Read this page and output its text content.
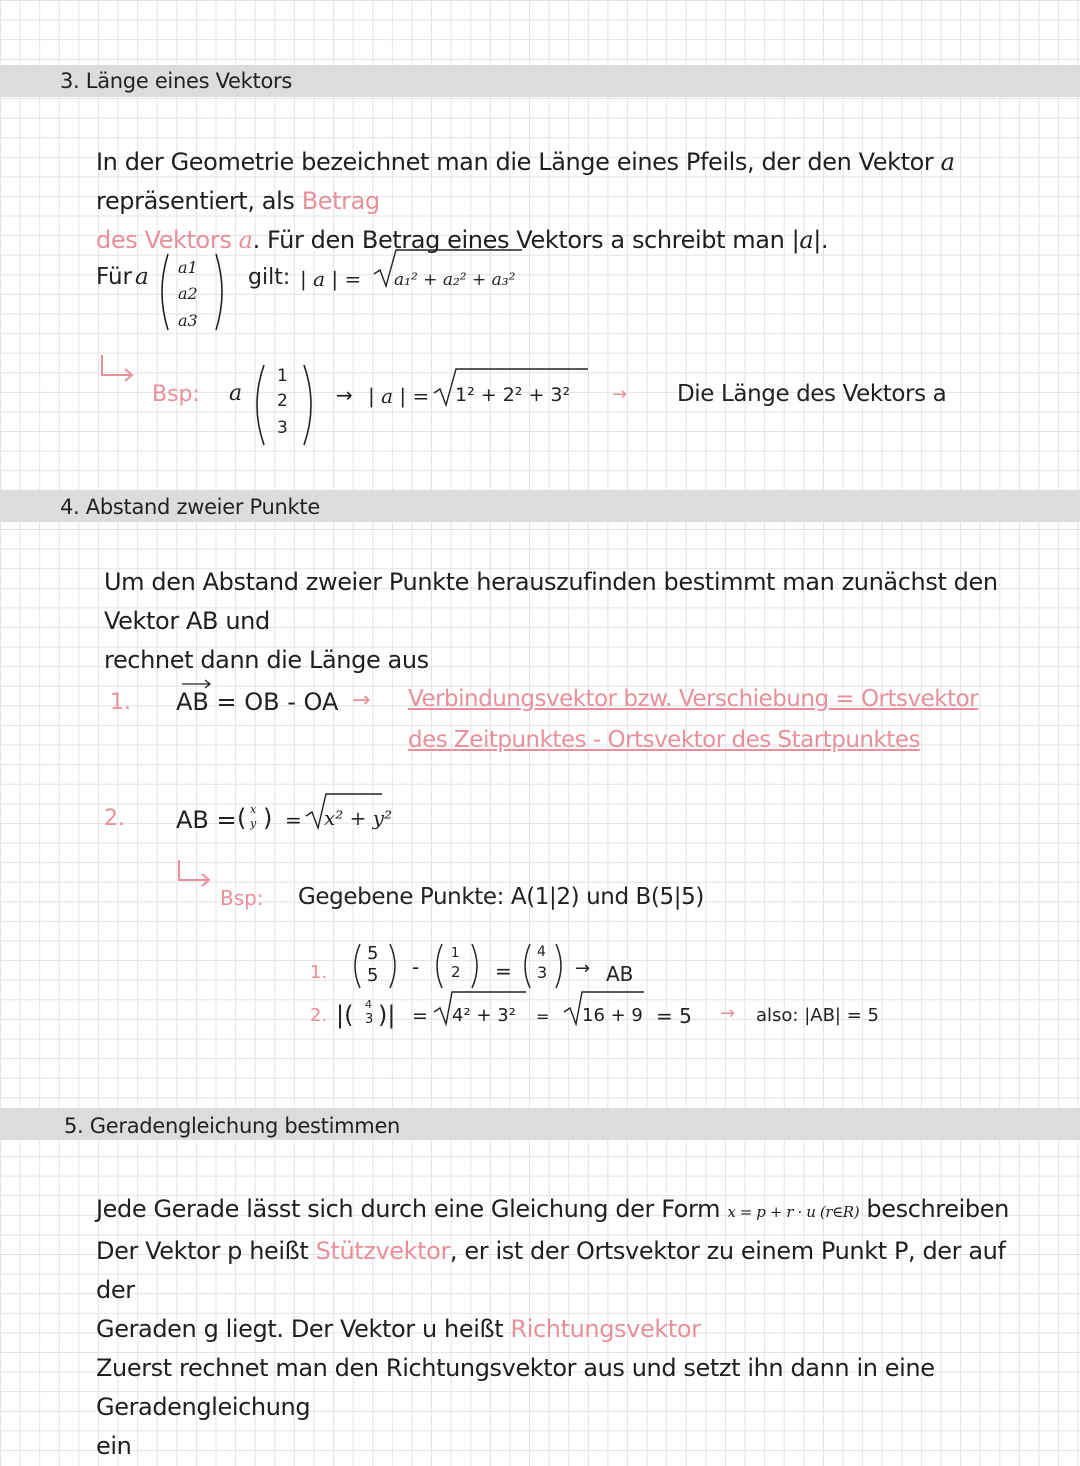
3. Länge eines Vektors
In der Geometrie bezeichnet man die Länge eines Pfeils, der den Vektor a repräsentiert, als Betrag
des Vektors a. Für den Betrag eines Vektors a schreibt man |a|.
Für a a1
a2
a3
gilt: | a | = a₁² + a₂² + a₃²
Bsp: a
1
2
3
→ | a | = 1² + 2² + 3² → Die Länge des Vektors a
4. Abstand zweier Punkte
Um den Abstand zweier Punkte herauszufinden bestimmt man zunächst den Vektor AB und
rechnet dann die Länge aus
1. AB = OB - OA → Verbindungsvektor bzw. Verschiebung = Ortsvektor
des Zeitpunktes - Ortsvektor des Startpunktes
2. AB = ( x
y ) = x² + y²
Bsp: Gegebene Punkte: A(1|2) und B(5|5)
1.
5
5 -
1
2 =
4
3 → AB
2. |( 4
3 )| = 4² + 3² = 16 + 9 = 5 → also: |AB| = 5
5. Geradengleichung bestimmen
Jede Gerade lässt sich durch eine Gleichung der Form x = p + r · u (r∈R) beschreiben
Der Vektor p heißt Stützvektor, er ist der Ortsvektor zu einem Punkt P, der auf der
Geraden g liegt. Der Vektor u heißt Richtungsvektor
Zuerst rechnet man den Richtungsvektor aus und setzt ihn dann in eine Geradengleichung
ein
